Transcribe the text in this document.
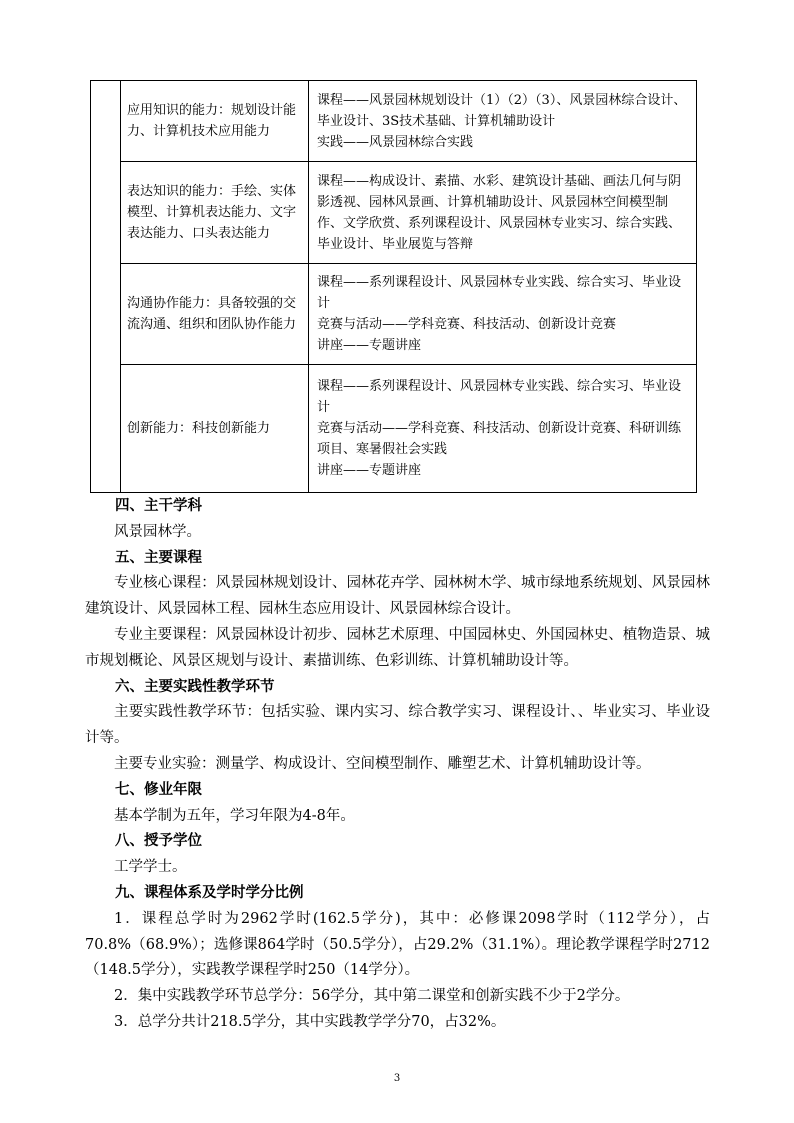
	应用知识的能力：规划设计能力、计算机技术应用能力	课程——风景园林规划设计（1）（2）（3）、风景园林综合设计、毕业设计、3S技术基础、计算机辅助设计
实践——风景园林综合实践

	表达知识的能力：手绘、实体模型、计算机表达能力、文字表达能力、口头表达能力	课程——构成设计、素描、水彩、建筑设计基础、画法几何与阴影透视、园林风景画、计算机辅助设计、风景园林空间模型制作、文学欣赏、系列课程设计、风景园林专业实习、综合实践、毕业设计、毕业展览与答辩

	沟通协作能力：具备较强的交流沟通、组织和团队协作能力	课程——系列课程设计、风景园林专业实践、综合实习、毕业设计
竞赛与活动——学科竞赛、科技活动、创新设计竞赛
讲座——专题讲座

	创新能力：科技创新能力	课程——系列课程设计、风景园林专业实践、综合实习、毕业设计
竞赛与活动——学科竞赛、科技活动、创新设计竞赛、科研训练项目、寒暑假社会实践
讲座——专题讲座
四、主干学科
风景园林学。
五、主要课程
专业核心课程：风景园林规划设计、园林花卉学、园林树木学、城市绿地系统规划、风景园林建筑设计、风景园林工程、园林生态应用设计、风景园林综合设计。
专业主要课程：风景园林设计初步、园林艺术原理、中国园林史、外国园林史、植物造景、城市规划概论、风景区规划与设计、素描训练、色彩训练、计算机辅助设计等。
六、主要实践性教学环节
主要实践性教学环节：包括实验、课内实习、综合教学实习、课程设计、、毕业实习、毕业设计等。
主要专业实验：测量学、构成设计、空间模型制作、雕塑艺术、计算机辅助设计等。
七、修业年限
基本学制为五年，学习年限为4-8年。
八、授予学位
工学学士。
九、课程体系及学时学分比例
1．课程总学时为2962学时(162.5学分)，其中：必修课2098学时（112学分），占70.8%（68.9%）；选修课864学时（50.5学分），占29.2%（31.1%）。理论教学课程学时2712（148.5学分），实践教学课程学时250（14学分）。
2．集中实践教学环节总学分：56学分，其中第二课堂和创新实践不少于2学分。
3．总学分共计218.5学分，其中实践教学学分70，占32%。
3
